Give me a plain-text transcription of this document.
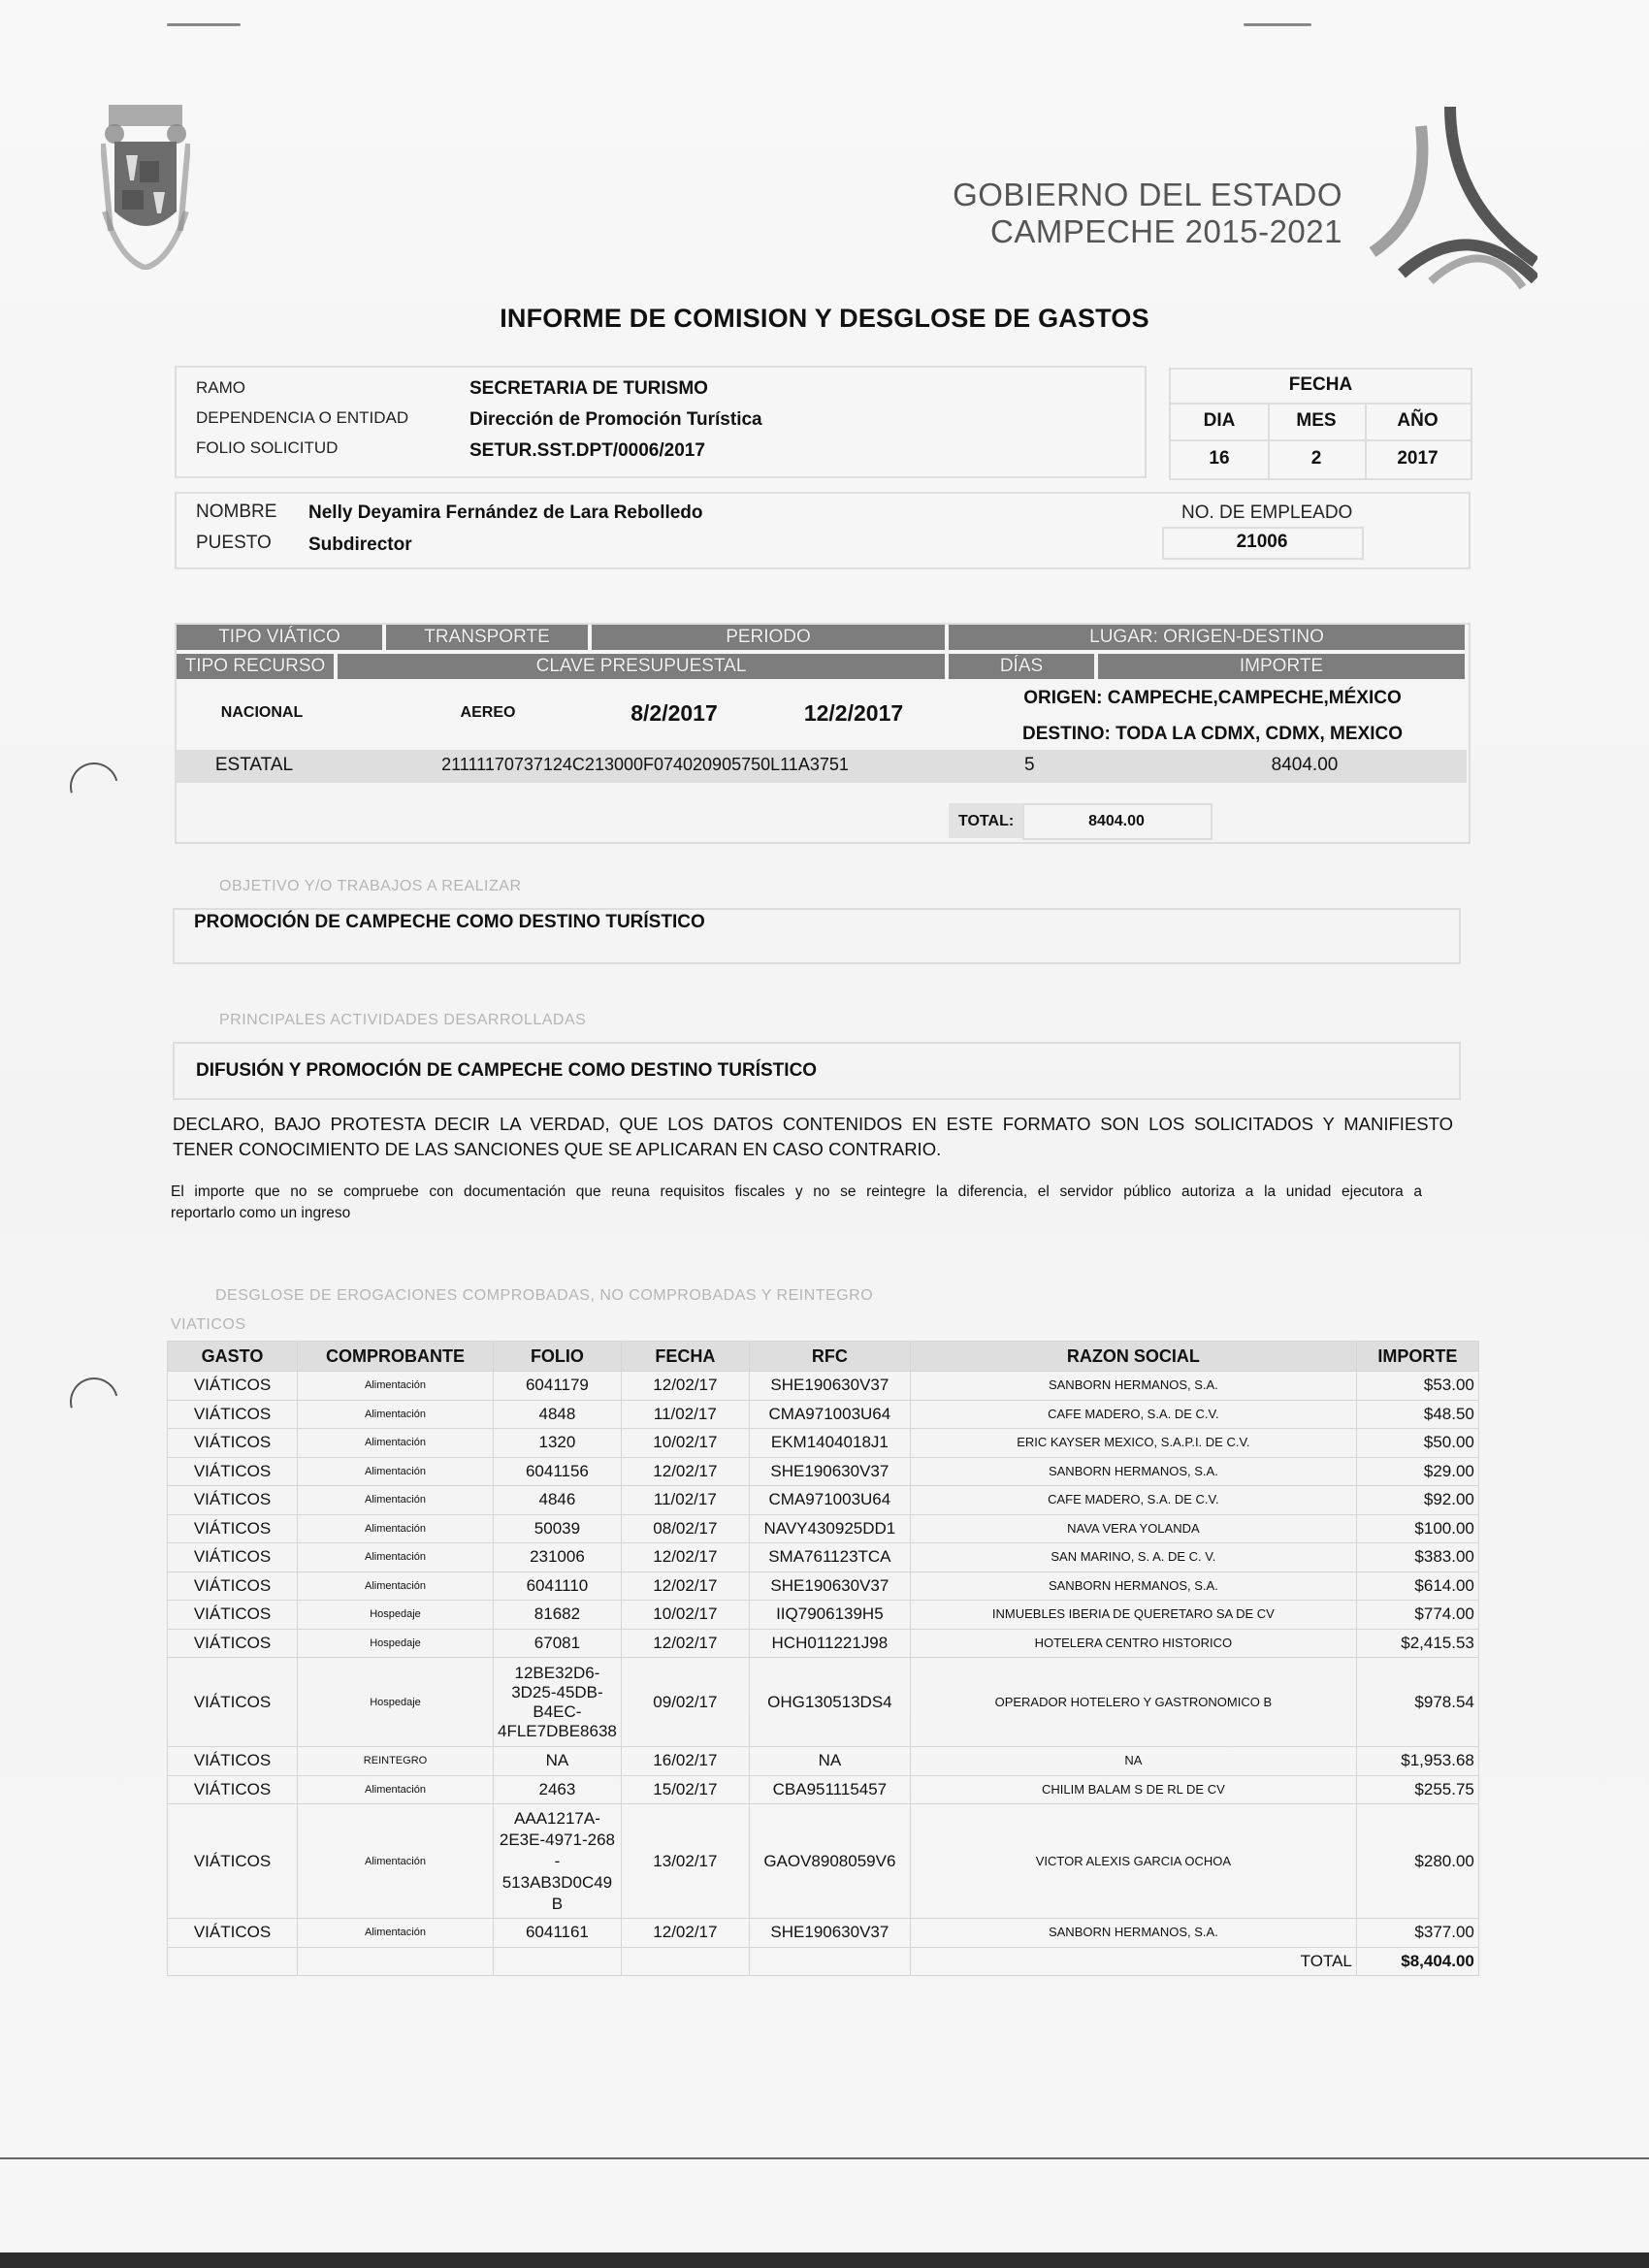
GOBIERNO DEL ESTADO
CAMPECHE 2015-2021
INFORME DE COMISION Y DESGLOSE DE GASTOS
RAMO	SECRETARIA DE TURISMO
DEPENDENCIA O ENTIDAD	Dirección de Promoción Turística
FOLIO SOLICITUD	SETUR.SST.DPT/0006/2017
FECHA
DIA	MES	AÑO
16	2	2017
NOMBRE Nelly Deyamira Fernández de Lara Rebolledo
PUESTO Subdirector
NO. DE EMPLEADO
21006
TIPO VIÁTICO	TRANSPORTE	PERIODO	LUGAR: ORIGEN-DESTINO
TIPO RECURSO	CLAVE PRESUPUESTAL	DÍAS	IMPORTE
NACIONAL	AEREO	8/2/2017	12/2/2017
ORIGEN: CAMPECHE,CAMPECHE,MÉXICO
DESTINO: TODA LA CDMX, CDMX, MEXICO
ESTATAL	21111170737124C213000F074020905750L11A3751	5	8404.00
TOTAL:	8404.00
OBJETIVO Y/O TRABAJOS A REALIZAR
PROMOCIÓN DE CAMPECHE COMO DESTINO TURÍSTICO
PRINCIPALES ACTIVIDADES DESARROLLADAS
DIFUSIÓN Y PROMOCIÓN DE CAMPECHE COMO DESTINO TURÍSTICO
DECLARO, BAJO PROTESTA DECIR LA VERDAD, QUE LOS DATOS CONTENIDOS EN ESTE FORMATO SON LOS SOLICITADOS Y MANIFIESTO
TENER CONOCIMIENTO DE LAS SANCIONES QUE SE APLICARAN EN CASO CONTRARIO.
El importe que no se compruebe con documentación que reuna requisitos fiscales y no se reintegre la diferencia, el servidor público autoriza a la unidad ejecutora a
reportarlo como un ingreso
DESGLOSE DE EROGACIONES COMPROBADAS, NO COMPROBADAS Y REINTEGRO
VIATICOS
GASTO	COMPROBANTE	FOLIO	FECHA	RFC	RAZON SOCIAL	IMPORTE
VIÁTICOS	Alimentación	6041179	12/02/17	SHE190630V37	SANBORN HERMANOS, S.A.	$53.00
VIÁTICOS	Alimentación	4848	11/02/17	CMA971003U64	CAFE MADERO, S.A. DE C.V.	$48.50
VIÁTICOS	Alimentación	1320	10/02/17	EKM1404018J1	ERIC KAYSER MEXICO, S.A.P.I. DE C.V.	$50.00
VIÁTICOS	Alimentación	6041156	12/02/17	SHE190630V37	SANBORN HERMANOS, S.A.	$29.00
VIÁTICOS	Alimentación	4846	11/02/17	CMA971003U64	CAFE MADERO, S.A. DE C.V.	$92.00
VIÁTICOS	Alimentación	50039	08/02/17	NAVY430925DD1	NAVA VERA YOLANDA	$100.00
VIÁTICOS	Alimentación	231006	12/02/17	SMA761123TCA	SAN MARINO, S. A. DE C. V.	$383.00
VIÁTICOS	Alimentación	6041110	12/02/17	SHE190630V37	SANBORN HERMANOS, S.A.	$614.00
VIÁTICOS	Hospedaje	81682	10/02/17	IIQ7906139H5	INMUEBLES IBERIA DE QUERETARO SA DE CV	$774.00
VIÁTICOS	Hospedaje	67081	12/02/17	HCH011221J98	HOTELERA CENTRO HISTORICO	$2,415.53
VIÁTICOS	Hospedaje	12BE32D6-
3D25-45DB-
B4EC-
4FLE7DBE8638	09/02/17	OHG130513DS4	OPERADOR HOTELERO Y GASTRONOMICO B	$978.54
VIÁTICOS	REINTEGRO	NA	16/02/17	NA	NA	$1,953.68
VIÁTICOS	Alimentación	2463	15/02/17	CBA951115457	CHILIM BALAM S DE RL DE CV	$255.75
VIÁTICOS	Alimentación	AAA1217A-
2E3E-4971-268
-
513AB3D0C49
B	13/02/17	GAOV8908059V6	VICTOR ALEXIS GARCIA OCHOA	$280.00
VIÁTICOS	Alimentación	6041161	12/02/17	SHE190630V37	SANBORN HERMANOS, S.A.	$377.00
					TOTAL	$8,404.00
